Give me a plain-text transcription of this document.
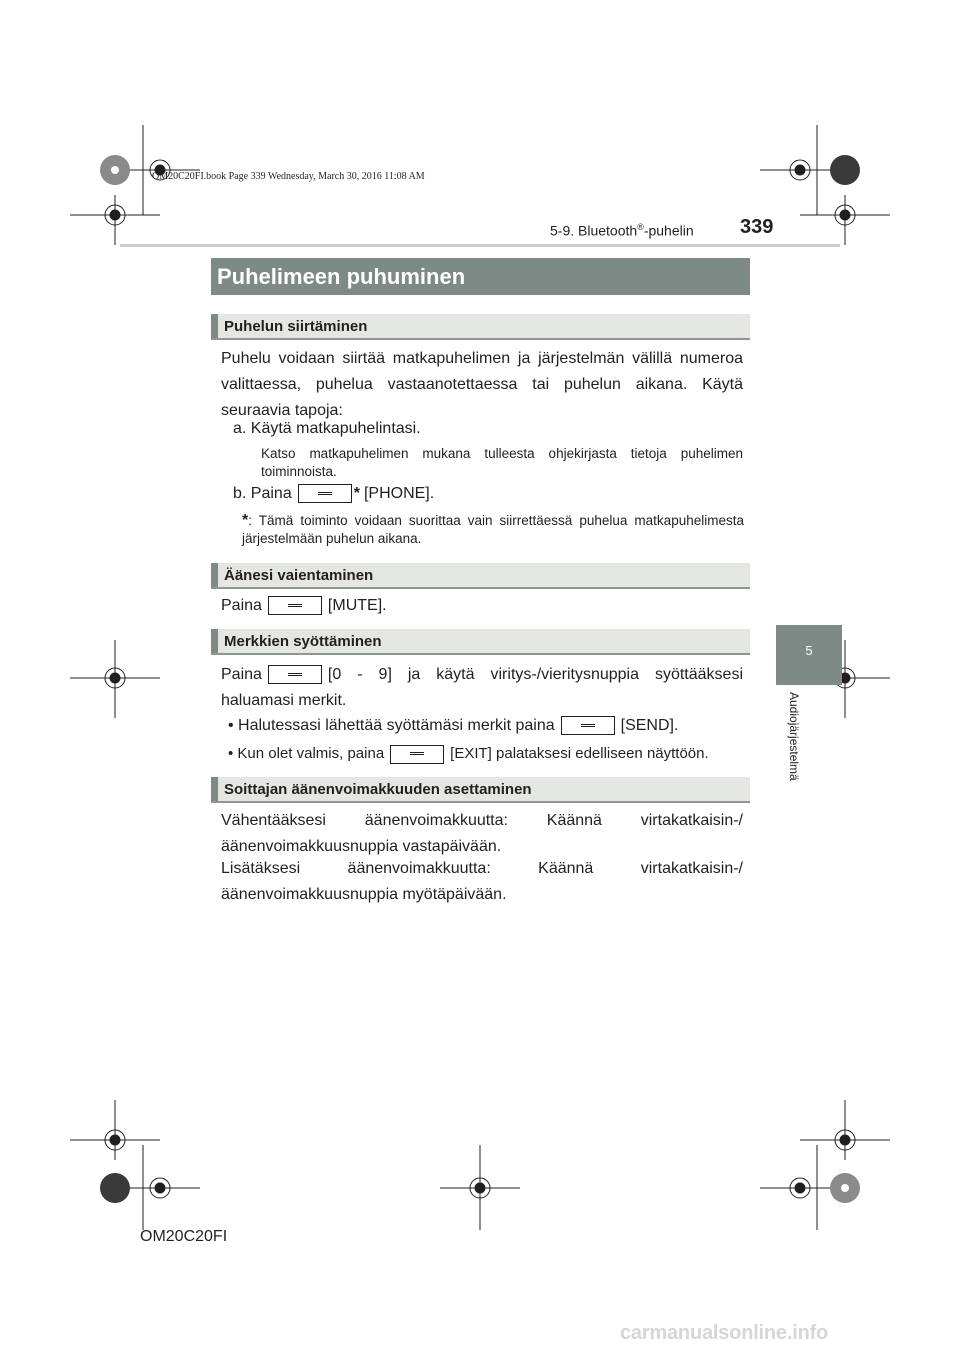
OM20C20FI.book Page 339 Wednesday, March 30, 2016 11:08 AM
5-9. Bluetooth®-puhelin 339
Puhelimeen puhuminen
Puhelun siirtäminen
Puhelu voidaan siirtää matkapuhelimen ja järjestelmän välillä numeroa valittaessa, puhelua vastaanotettaessa tai puhelun aikana. Käytä seuraavia tapoja:
a. Käytä matkapuhelintasi.
Katso matkapuhelimen mukana tulleesta ohjekirjasta tietoja puhelimen toiminnoista.
b. Paina	* [PHONE].
*: Tämä toiminto voidaan suorittaa vain siirrettäessä puhelua matkapuhelimesta järjestelmään puhelun aikana.
Äänesi vaientaminen
Paina	[MUTE].
Merkkien syöttäminen
Paina	[0 - 9] ja käytä viritys-/vieritysnuppia syöttääksesi haluamasi merkit.
• Halutessasi lähettää syöttämäsi merkit paina	[SEND].
• Kun olet valmis, paina	[EXIT] palataksesi edelliseen näyttöön.
Soittajan äänenvoimakkuuden asettaminen
Vähentääksesi äänenvoimakkuutta: Käännä virtakatkaisin-/äänenvoimakkuusnuppia vastapäivään.
Lisätäksesi äänenvoimakkuutta: Käännä virtakatkaisin-/äänenvoimakkuusnuppia myötäpäivään.
5
Audiojärjestelmä
OM20C20FI
carmanualsonline.info
